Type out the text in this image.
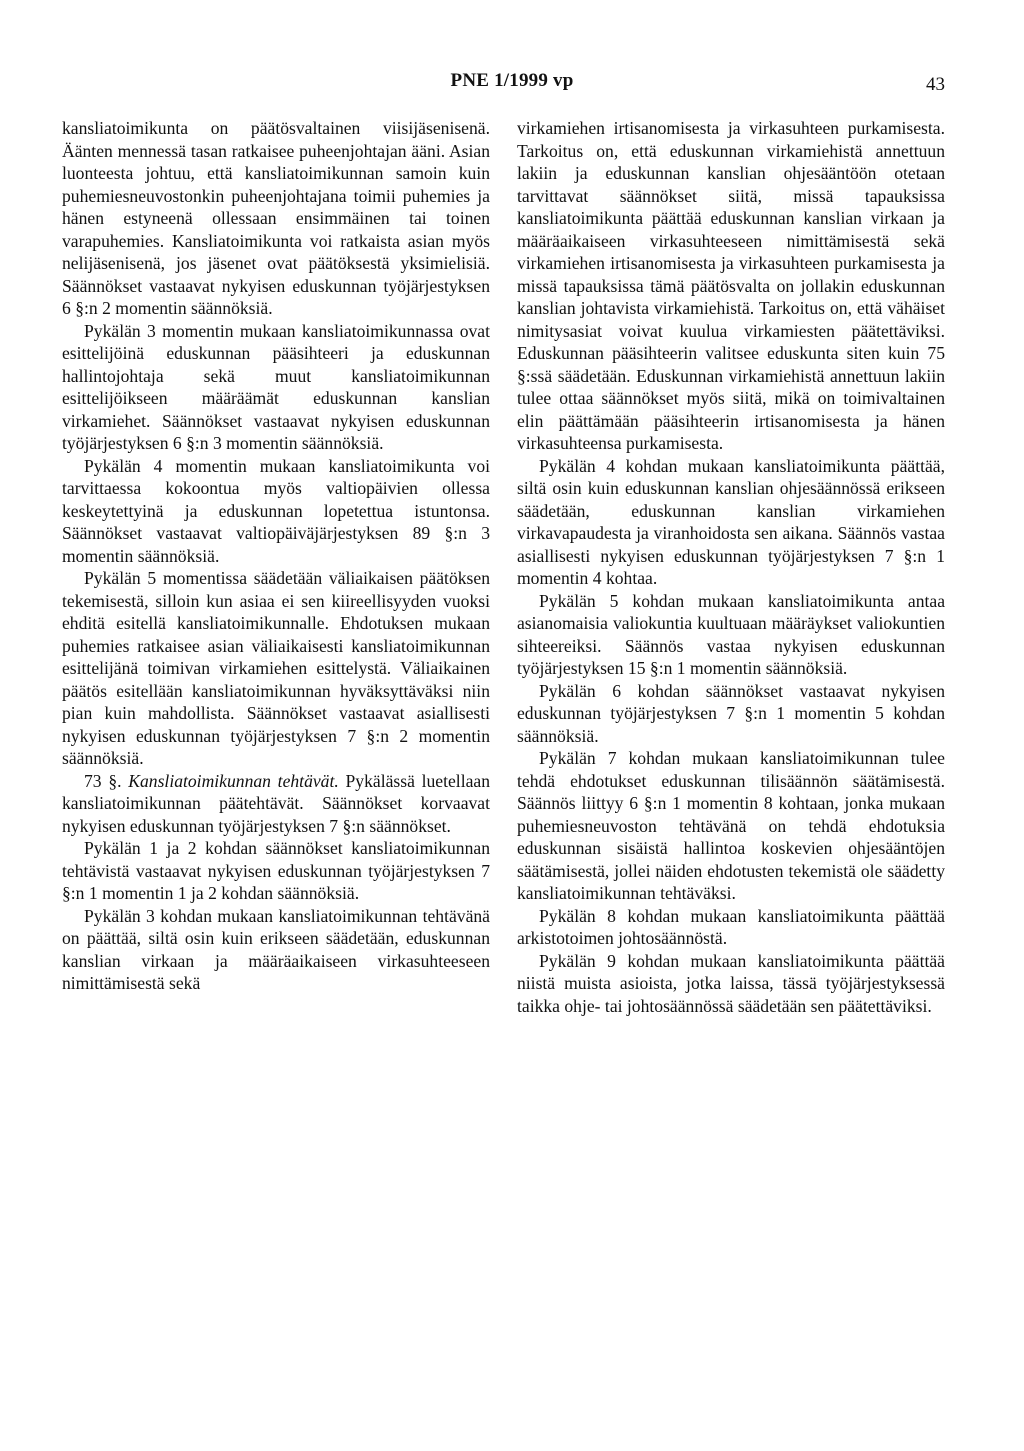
PNE 1/1999 vp	43

kansliatoimikunta on päätösvaltainen viisijäsenisenä. Äänten mennessä tasan ratkaisee puheenjohtajan ääni. Asian luonteesta johtuu, että kansliatoimikunnan samoin kuin puhemiesneuvostonkin puheenjohtajana toimii puhemies ja hänen estyneenä ollessaan ensimmäinen tai toinen varapuhemies. Kansliatoimikunta voi ratkaista asian myös nelijäsenisenä, jos jäsenet ovat päätöksestä yksimielisiä. Säännökset vastaavat nykyisen eduskunnan työjärjestyksen 6 §:n 2 momentin säännöksiä.

Pykälän 3 momentin mukaan kansliatoimikunnassa ovat esittelijöinä eduskunnan pääsihteeri ja eduskunnan hallintojohtaja sekä muut kansliatoimikunnan esittelijöikseen määräämät eduskunnan kanslian virkamiehet. Säännökset vastaavat nykyisen eduskunnan työjärjestyksen 6 §:n 3 momentin säännöksiä.

Pykälän 4 momentin mukaan kansliatoimikunta voi tarvittaessa kokoontua myös valtiopäivien ollessa keskeytettyinä ja eduskunnan lopetettua istuntonsa. Säännökset vastaavat valtiopäiväjärjestyksen 89 §:n 3 momentin säännöksiä.

Pykälän 5 momentissa säädetään väliaikaisen päätöksen tekemisestä, silloin kun asiaa ei sen kiireellisyyden vuoksi ehditä esitellä kansliatoimikunnalle. Ehdotuksen mukaan puhemies ratkaisee asian väliaikaisesti kansliatoimikunnan esittelijänä toimivan virkamiehen esittelystä. Väliaikainen päätös esitellään kansliatoimikunnan hyväksyttäväksi niin pian kuin mahdollista. Säännökset vastaavat asiallisesti nykyisen eduskunnan työjärjestyksen 7 §:n 2 momentin säännöksiä.

73 §. Kansliatoimikunnan tehtävät. Pykälässä luetellaan kansliatoimikunnan päätehtävät. Säännökset korvaavat nykyisen eduskunnan työjärjestyksen 7 §:n säännökset.

Pykälän 1 ja 2 kohdan säännökset kansliatoimikunnan tehtävistä vastaavat nykyisen eduskunnan työjärjestyksen 7 §:n 1 momentin 1 ja 2 kohdan säännöksiä.

Pykälän 3 kohdan mukaan kansliatoimikunnan tehtävänä on päättää, siltä osin kuin erikseen säädetään, eduskunnan kanslian virkaan ja määräaikaiseen virkasuhteeseen nimittämisestä sekä

virkamiehen irtisanomisesta ja virkasuhteen purkamisesta. Tarkoitus on, että eduskunnan virkamiehistä annettuun lakiin ja eduskunnan kanslian ohjesääntöön otetaan tarvittavat säännökset siitä, missä tapauksissa kansliatoimikunta päättää eduskunnan kanslian virkaan ja määräaikaiseen virkasuhteeseen nimittämisestä sekä virkamiehen irtisanomisesta ja virkasuhteen purkamisesta ja missä tapauksissa tämä päätösvalta on jollakin eduskunnan kanslian johtavista virkamiehistä. Tarkoitus on, että vähäiset nimitysasiat voivat kuulua virkamiesten päätettäviksi. Eduskunnan pääsihteerin valitsee eduskunta siten kuin 75 §:ssä säädetään. Eduskunnan virkamiehistä annettuun lakiin tulee ottaa säännökset myös siitä, mikä on toimivaltainen elin päättämään pääsihteerin irtisanomisesta ja hänen virkasuhteensa purkamisesta.

Pykälän 4 kohdan mukaan kansliatoimikunta päättää, siltä osin kuin eduskunnan kanslian ohjesäännössä erikseen säädetään, eduskunnan kanslian virkamiehen virkavapaudesta ja viranhoidosta sen aikana. Säännös vastaa asiallisesti nykyisen eduskunnan työjärjestyksen 7 §:n 1 momentin 4 kohtaa.

Pykälän 5 kohdan mukaan kansliatoimikunta antaa asianomaisia valiokuntia kuultuaan määräykset valiokuntien sihteereiksi. Säännös vastaa nykyisen eduskunnan työjärjestyksen 15 §:n 1 momentin säännöksiä.

Pykälän 6 kohdan säännökset vastaavat nykyisen eduskunnan työjärjestyksen 7 §:n 1 momentin 5 kohdan säännöksiä.

Pykälän 7 kohdan mukaan kansliatoimikunnan tulee tehdä ehdotukset eduskunnan tilisäännön säätämisestä. Säännös liittyy 6 §:n 1 momentin 8 kohtaan, jonka mukaan puhemiesneuvoston tehtävänä on tehdä ehdotuksia eduskunnan sisäistä hallintoa koskevien ohjesääntöjen säätämisestä, jollei näiden ehdotusten tekemistä ole säädetty kansliatoimikunnan tehtäväksi.

Pykälän 8 kohdan mukaan kansliatoimikunta päättää arkistotoimen johtosäännöstä.

Pykälän 9 kohdan mukaan kansliatoimikunta päättää niistä muista asioista, jotka laissa, tässä työjärjestyksessä taikka ohje- tai johtosäännössä säädetään sen päätettäviksi.
